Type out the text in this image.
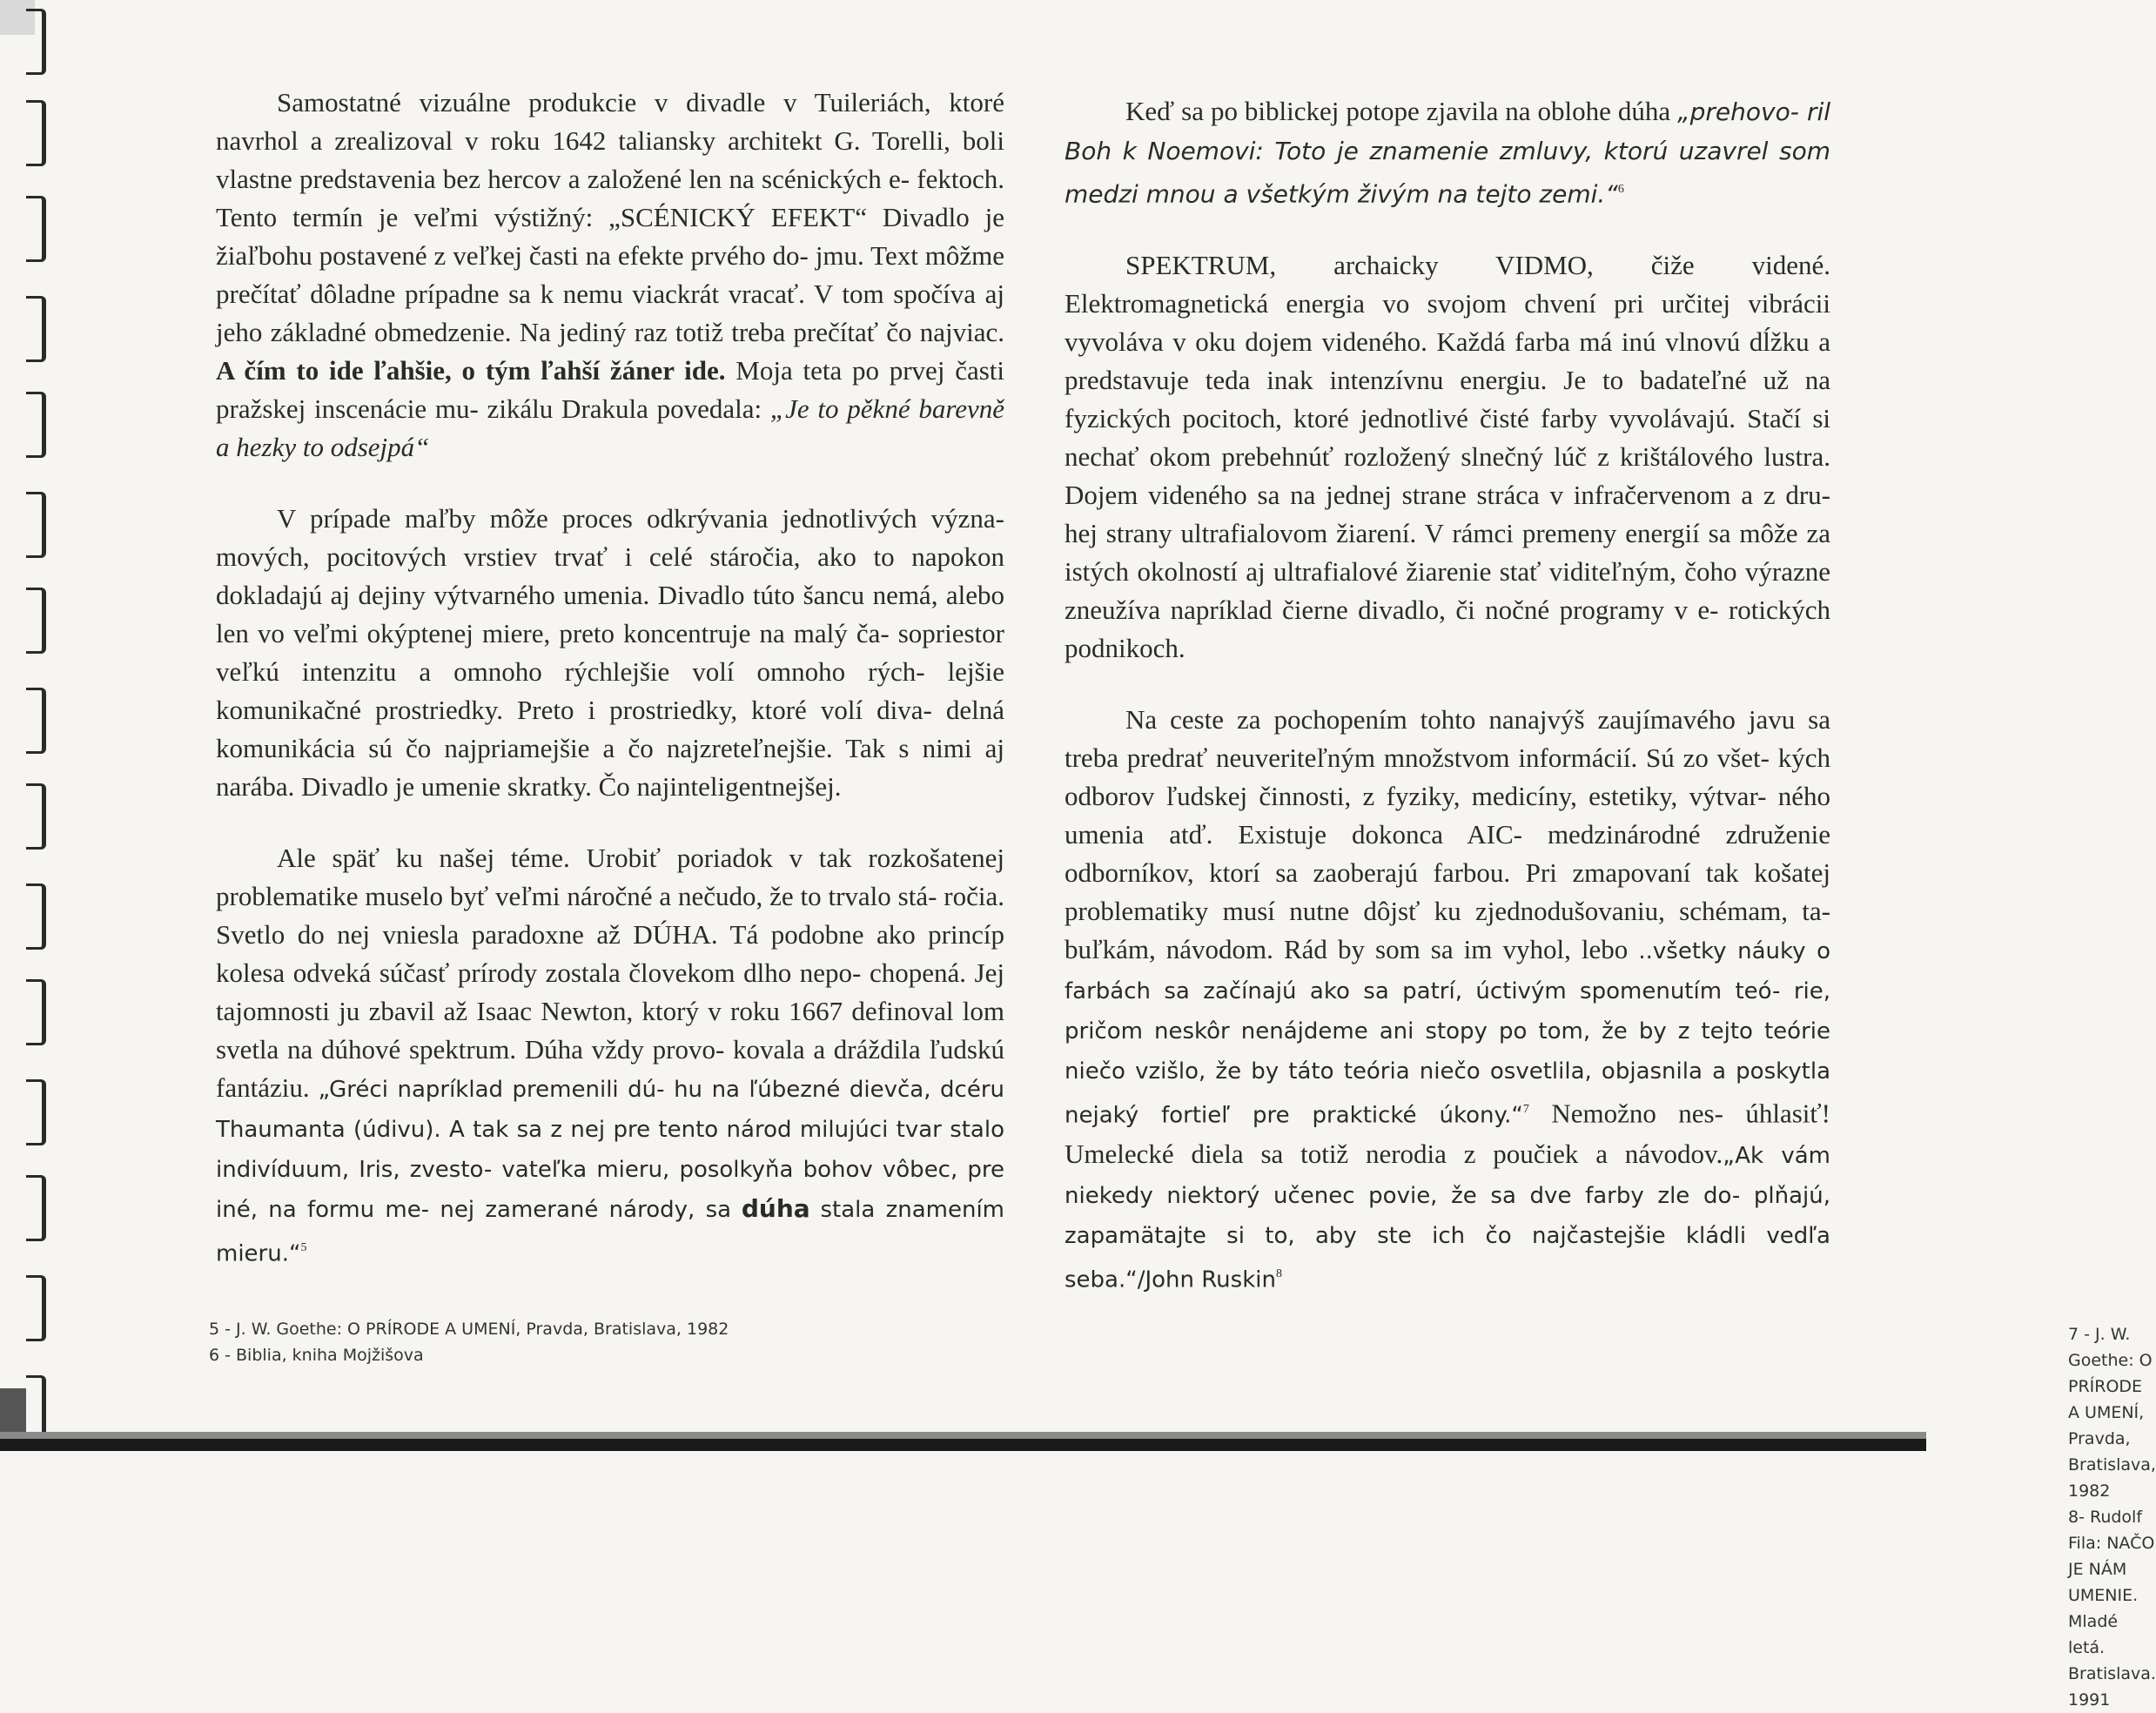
Samostatné vizuálne produkcie v divadle v Tuileriách, ktoré navrhol a zrealizoval v roku 1642 taliansky architekt G. Torelli, boli vlastne predstavenia bez hercov a založené len na scénických e- fektoch. Tento termín je veľmi výstižný: „SCÉNICKÝ EFEKT“ Divadlo je žiaľbohu postavené z veľkej časti na efekte prvého do- jmu. Text môžme prečítať dôladne prípadne sa k nemu viackrát vracať. V tom spočíva aj jeho základné obmedzenie. Na jediný raz totiž treba prečítať čo najviac. A čím to ide ľahšie, o tým ľahší žáner ide. Moja teta po prvej časti pražskej inscenácie mu- zikálu Drakula povedala: „Je to pěkné barevně a hezky to odsejpá“

V prípade maľby môže proces odkrývania jednotlivých význa- mových, pocitových vrstiev trvať i celé stáročia, ako to napokon dokladajú aj dejiny výtvarného umenia. Divadlo túto šancu nemá, alebo len vo veľmi okýptenej miere, preto koncentruje na malý ča- sopriestor veľkú intenzitu a omnoho rýchlejšie volí omnoho rých- lejšie komunikačné prostriedky. Preto i prostriedky, ktoré volí diva- delná komunikácia sú čo najpriamejšie a čo najzreteľnejšie. Tak s nimi aj narába. Divadlo je umenie skratky. Čo najinteligentnejšej.

Ale späť ku našej téme. Urobiť poriadok v tak rozkošatenej problematike muselo byť veľmi náročné a nečudo, že to trvalo stá- ročia. Svetlo do nej vniesla paradoxne až DÚHA. Tá podobne ako princíp kolesa odveká súčasť prírody zostala človekom dlho nepo- chopená. Jej tajomnosti ju zbavil až Isaac Newton, ktorý v roku 1667 definoval lom svetla na dúhové spektrum. Dúha vždy provo- kovala a dráždila ľudskú fantáziu. „Gréci napríklad premenili dú- hu na ľúbezné dievča, dcéru Thaumanta (údivu). A tak sa z nej pre tento národ milujúci tvar stalo indivíduum, Iris, zvesto- vateľka mieru, posolkyňa bohov vôbec, pre iné, na formu me- nej zamerané národy, sa dúha stala znamením mieru.“$^5$

5 - J. W. Goethe: O PRÍRODE A UMENÍ, Pravda, Bratislava, 1982
6 - Biblia, kniha Mojžišova

Keď sa po biblickej potope zjavila na oblohe dúha „prehovo- ril Boh k Noemovi: Toto je znamenie zmluvy, ktorú uzavrel som medzi mnou a všetkým živým na tejto zemi.“$^6$

SPEKTRUM, archaicky VIDMO, čiže videné. Elektromagnetická energia vo svojom chvení pri určitej vibrácii vyvoláva v oku dojem videného. Každá farba má inú vlnovú dĺžku a predstavuje teda inak intenzívnu energiu. Je to badateľné už na fyzických pocitoch, ktoré jednotlivé čisté farby vyvolávajú. Stačí si nechať okom prebehnúť rozložený slnečný lúč z krištálového lustra. Dojem videného sa na jednej strane stráca v infračervenom a z dru- hej strany ultrafialovom žiarení. V rámci premeny energií sa môže za istých okolností aj ultrafialové žiarenie stať viditeľným, čoho výrazne zneužíva napríklad čierne divadlo, či nočné programy v e- rotických podnikoch.

Na ceste za pochopením tohto nanajvýš zaujímavého javu sa treba predrať neuveriteľným množstvom informácií. Sú zo všet- kých odborov ľudskej činnosti, z fyziky, medicíny, estetiky, výtvar- ného umenia atď. Existuje dokonca AIC- medzinárodné združenie odborníkov, ktorí sa zaoberajú farbou. Pri zmapovaní tak košatej problematiky musí nutne dôjsť ku zjednodušovaniu, schémam, ta- buľkám, návodom. Rád by som sa im vyhol, lebo ..všetky náuky o farbách sa začínajú ako sa patrí, úctivým spomenutím teó- rie, pričom neskôr nenájdeme ani stopy po tom, že by z tejto teórie niečo vzišlo, že by táto teória niečo osvetlila, objasnila a poskytla nejaký fortieľ pre praktické úkony.“$^7$ Nemožno nes- úhlasiť! Umelecké diela sa totiž nerodia z poučiek a návodov.„Ak vám niekedy niektorý učenec povie, že sa dve farby zle do- plňajú, zapamätajte si to, aby ste ich čo najčastejšie kládli vedľa seba.“/John Ruskin$^8$

7 - J. W. Goethe: O PRÍRODE A UMENÍ, Pravda, Bratislava, 1982
8- Rudolf Fila: NAČO JE NÁM UMENIE. Mladé letá. Bratislava. 1991
